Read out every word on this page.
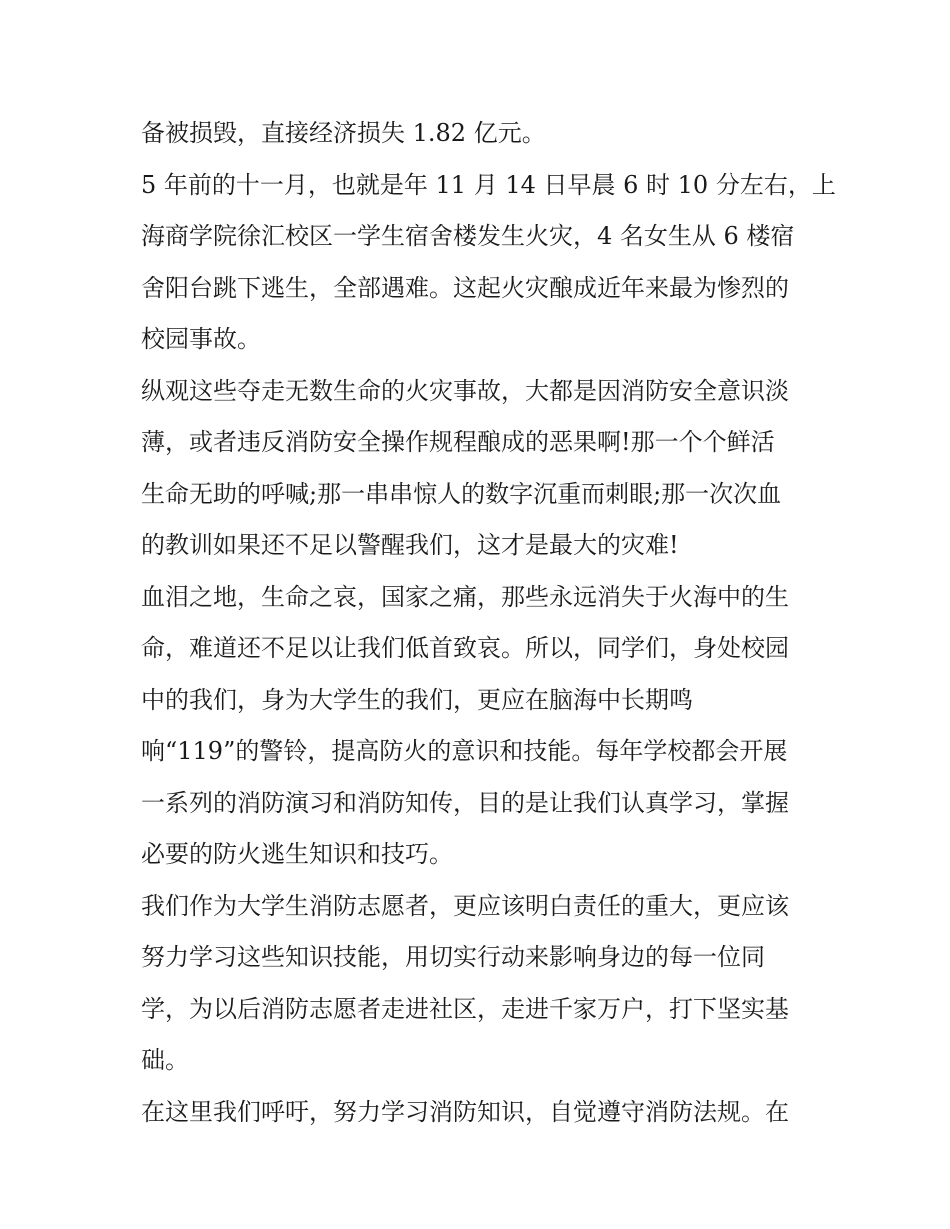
备被损毁，直接经济损失 1.82 亿元。
5 年前的十一月，也就是年 11 月 14 日早晨 6 时 10 分左右，上
海商学院徐汇校区一学生宿舍楼发生火灾，4 名女生从 6 楼宿
舍阳台跳下逃生，全部遇难。这起火灾酿成近年来最为惨烈的
校园事故。
纵观这些夺走无数生命的火灾事故，大都是因消防安全意识淡
薄，或者违反消防安全操作规程酿成的恶果啊!那一个个鲜活
生命无助的呼喊;那一串串惊人的数字沉重而刺眼;那一次次血
的教训如果还不足以警醒我们，这才是最大的灾难!
血泪之地，生命之哀，国家之痛，那些永远消失于火海中的生
命，难道还不足以让我们低首致哀。所以，同学们，身处校园
中的我们，身为大学生的我们，更应在脑海中长期鸣
响“119”的警铃，提高防火的意识和技能。每年学校都会开展
一系列的消防演习和消防知传，目的是让我们认真学习，掌握
必要的防火逃生知识和技巧。
我们作为大学生消防志愿者，更应该明白责任的重大，更应该
努力学习这些知识技能，用切实行动来影响身边的每一位同
学，为以后消防志愿者走进社区，走进千家万户，打下坚实基
础。
在这里我们呼吁，努力学习消防知识，自觉遵守消防法规。在
